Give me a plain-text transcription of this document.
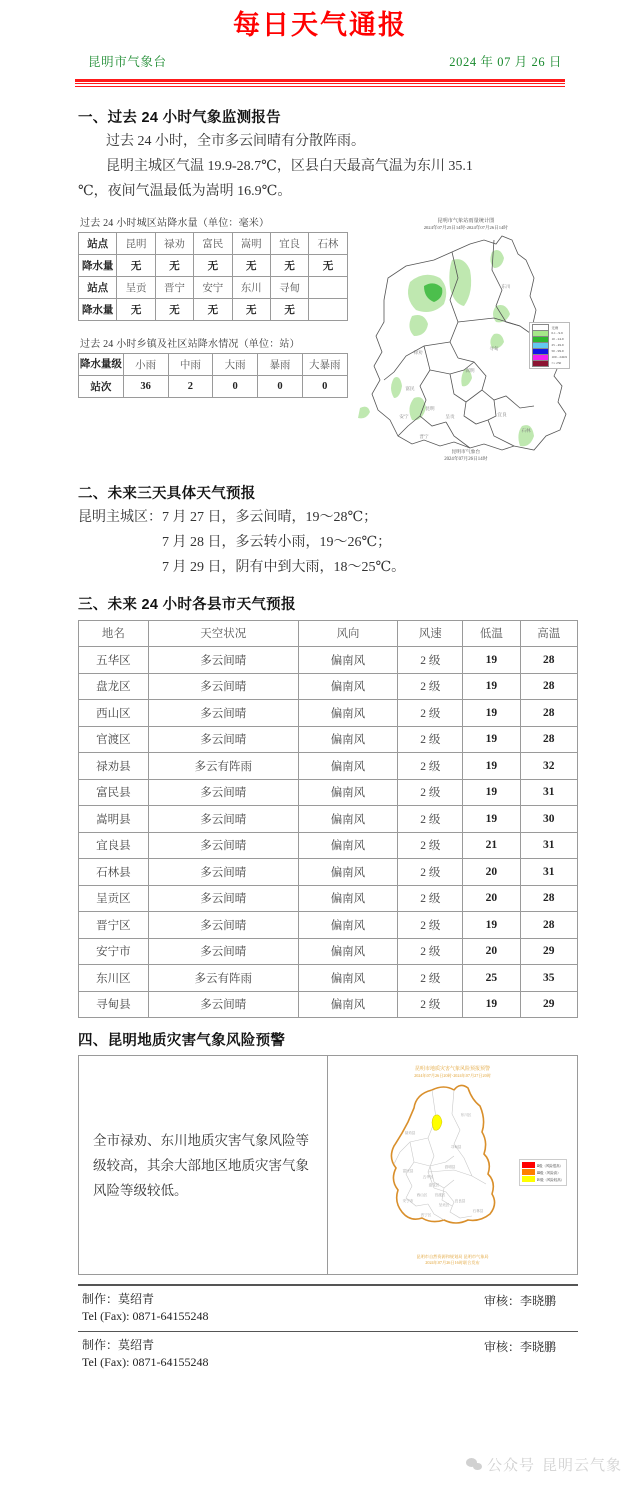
每日天气通报
昆明市气象台	2024 年 07 月 26 日
一、过去 24 小时气象监测报告
过去 24 小时，全市多云间晴有分散阵雨。
昆明主城区气温 19.9-28.7℃，区县白天最高气温为东川 35.1
℃，夜间气温最低为嵩明 16.9℃。
过去 24 小时城区站降水量（单位：毫米）
站点	昆明	禄劝	富民	嵩明	宜良	石林
降水量	无	无	无	无	无	无
站点	呈贡	晋宁	安宁	东川	寻甸	
降水量	无	无	无	无	无	
过去 24 小时乡镇及社区站降水情况（单位：站）
降水量级	小雨	中雨	大雨	暴雨	大暴雨
站次	36	2	0	0	0
昆明市气象站雨量统计图
2024年07月25日14时-2024年07月26日14时
禄劝
东川
寻甸
富民
嵩明
昆明
安宁	呈贡	宜良
晋宁
石林
无雨
0.1 - 9.9
10 - 24.9
25 - 49.9
50 - 99.9
100 - 249.9
>= 250
昆明市气象台
2024年07月26日14时
二、未来三天具体天气预报
昆明主城区：7 月 27 日，多云间晴，19～28℃；
7 月 28 日，多云转小雨，19～26℃；
7 月 29 日，阴有中到大雨，18～25℃。
三、未来 24 小时各县市天气预报
地名	天空状况	风向	风速	低温	高温
五华区	多云间晴	偏南风	2 级	19	28
盘龙区	多云间晴	偏南风	2 级	19	28
西山区	多云间晴	偏南风	2 级	19	28
官渡区	多云间晴	偏南风	2 级	19	28
禄劝县	多云有阵雨	偏南风	2 级	19	32
富民县	多云间晴	偏南风	2 级	19	31
嵩明县	多云间晴	偏南风	2 级	19	30
宜良县	多云间晴	偏南风	2 级	21	31
石林县	多云间晴	偏南风	2 级	20	31
呈贡区	多云间晴	偏南风	2 级	20	28
晋宁区	多云间晴	偏南风	2 级	19	28
安宁市	多云间晴	偏南风	2 级	20	29
东川区	多云有阵雨	偏南风	2 级	25	35
寻甸县	多云间晴	偏南风	2 级	19	29
四、昆明地质灾害气象风险预警

全市禄劝、东川地质灾害气象风险等级较高，其余大部地区地质灾害气象风险等级较低。

昆明市地质灾害气象风险预报预警
2024年07月26日20时-2024年07月27日20时
禄劝县
东川区
寻甸县
富民县
嵩明县
五华区
盘龙区
西山区 官渡区
呈贡区
安宁市
晋宁区
宜良县
石林县
Ⅱ级（风险很高）
Ⅲ级（风险高）
Ⅳ级（风险较高）
昆明市自然资源和规划局 昆明市气象局
2024年07月26日16时联合发布
制作：莫绍青
Tel (Fax): 0871-64155248
审核：李晓鹏
制作：莫绍青
Tel (Fax): 0871-64155248
审核：李晓鹏
公众号 昆明云气象
